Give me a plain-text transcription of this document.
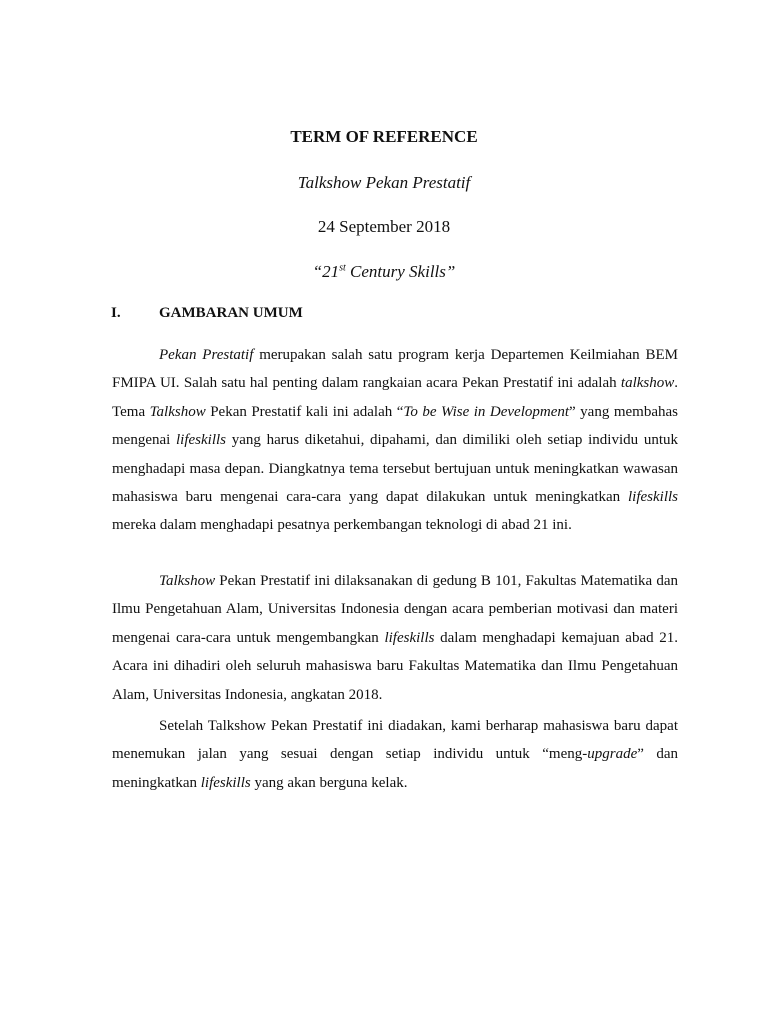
TERM OF REFERENCE
Talkshow Pekan Prestatif
24 September 2018
“21st Century Skills”
I.	GAMBARAN UMUM

Pekan Prestatif merupakan salah satu program kerja Departemen Keilmiahan BEM FMIPA UI. Salah satu hal penting dalam rangkaian acara Pekan Prestatif ini adalah talkshow. Tema Talkshow Pekan Prestatif kali ini adalah “To be Wise in Development” yang membahas mengenai lifeskills yang harus diketahui, dipahami, dan dimiliki oleh setiap individu untuk menghadapi masa depan. Diangkatnya tema tersebut bertujuan untuk meningkatkan wawasan mahasiswa baru mengenai cara-cara yang dapat dilakukan untuk meningkatkan lifeskills mereka dalam menghadapi pesatnya perkembangan teknologi di abad 21 ini.

Talkshow Pekan Prestatif ini dilaksanakan di gedung B 101, Fakultas Matematika dan Ilmu Pengetahuan Alam, Universitas Indonesia dengan acara pemberian motivasi dan materi mengenai cara-cara untuk mengembangkan lifeskills dalam menghadapi kemajuan abad 21. Acara ini dihadiri oleh seluruh mahasiswa baru Fakultas Matematika dan Ilmu Pengetahuan Alam, Universitas Indonesia, angkatan 2018.

Setelah Talkshow Pekan Prestatif ini diadakan, kami berharap mahasiswa baru dapat menemukan jalan yang sesuai dengan setiap individu untuk “meng-upgrade” dan meningkatkan lifeskills yang akan berguna kelak.
